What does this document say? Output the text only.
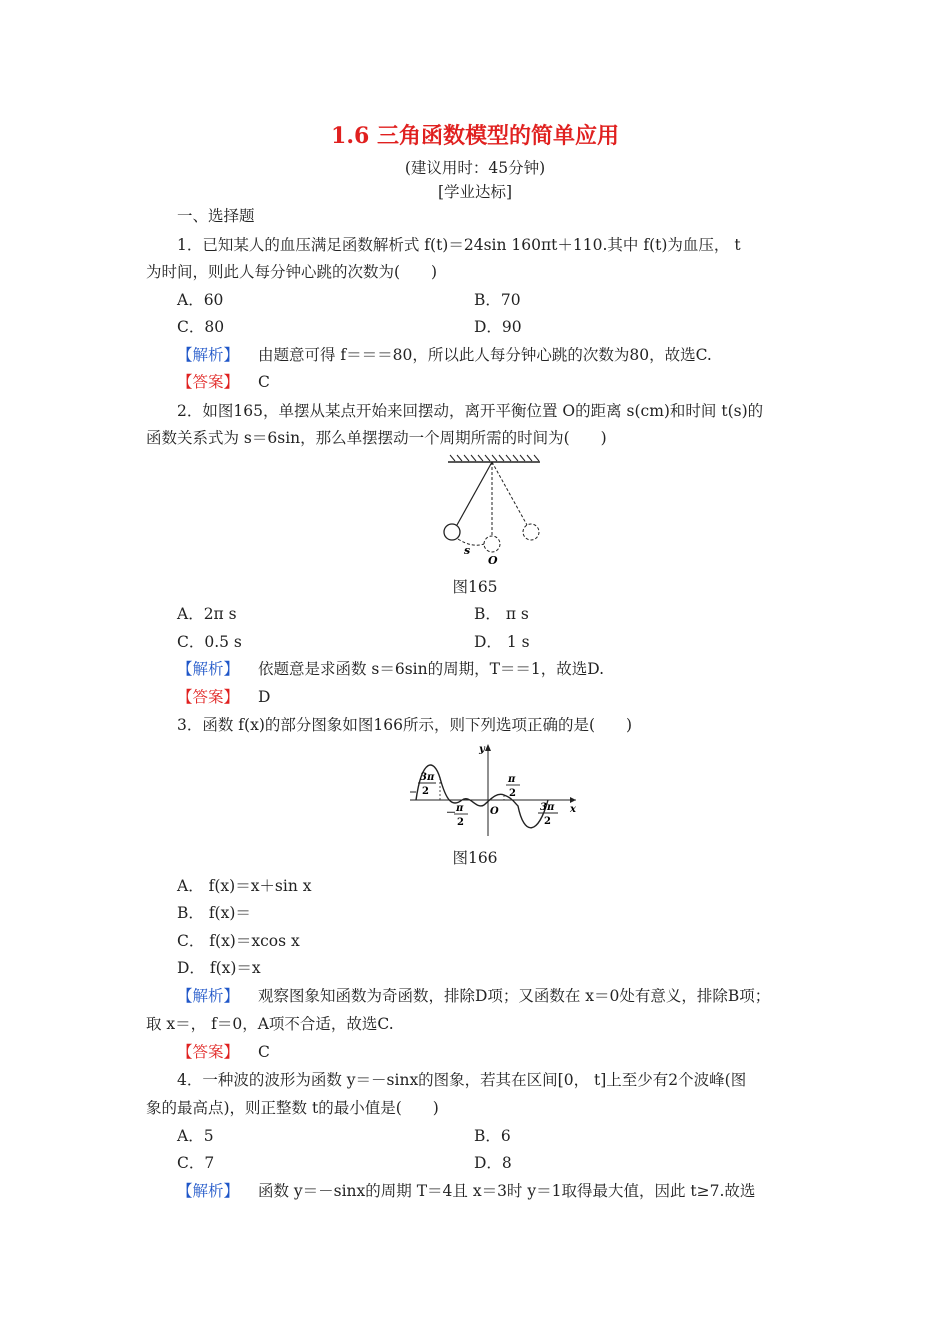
1.6 三角函数模型的简单应用
(建议用时：45分钟)
[学业达标]
一、选择题
1．已知某人的血压满足函数解析式 f(t)＝24sin 160πt＋110.其中 f(t)为血压， t
为时间，则此人每分钟心跳的次数为(　　)
A．60	B．70
C．80	D．90
【解析】 由题意可得 f＝＝＝80，所以此人每分钟心跳的次数为80，故选C.
【答案】 C
2．如图165，单摆从某点开始来回摆动，离开平衡位置 O的距离 s(cm)和时间 t(s)的
函数关系式为 s＝6sin，那么单摆摆动一个周期所需的时间为(　　)
s
O
图165
A．2π s	B． π s
C．0.5 s	D． 1 s
【解析】 依题意是求函数 s＝6sin的周期，T＝＝1，故选D.
【答案】 D
3．函数 f(x)的部分图象如图166所示，则下列选项正确的是(　　)
3π
2
－ π
2
π
2
3π
2
O
y
x
图166
A． f(x)＝x＋sin x
B． f(x)＝
C． f(x)＝xcos x
D． f(x)＝x
【解析】 观察图象知函数为奇函数，排除D项；又函数在 x＝0处有意义，排除B项；
取 x＝， f＝0，A项不合适，故选C.
【答案】 C
4．一种波的波形为函数 y＝－sinx的图象，若其在区间[0， t]上至少有2个波峰(图
象的最高点)，则正整数 t的最小值是(　　)
A．5	B．6
C．7	D．8
【解析】 函数 y＝－sinx的周期 T＝4且 x＝3时 y＝1取得最大值，因此 t≥7.故选
